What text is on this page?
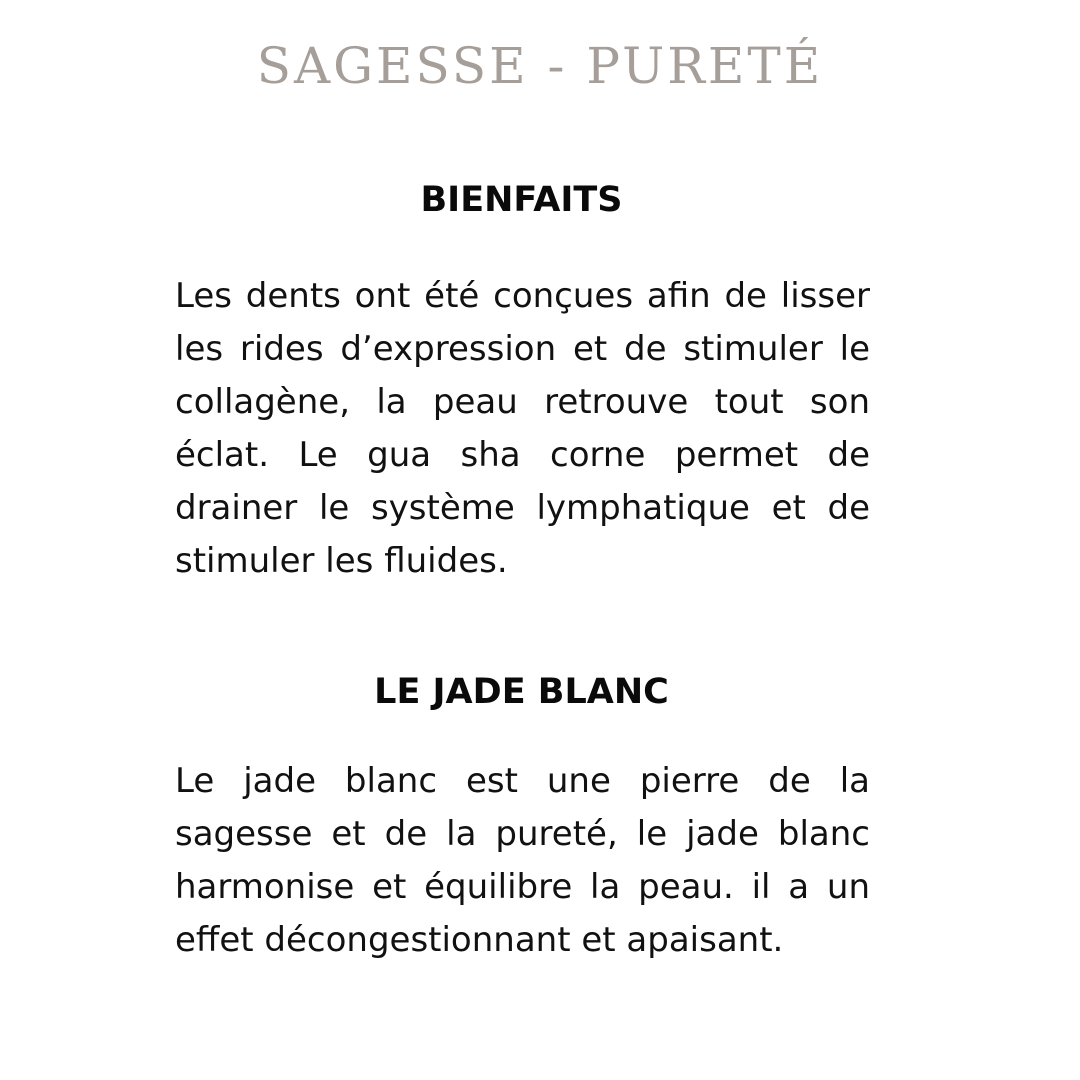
SAGESSE - PURETÉ
BIENFAITS

Les dents ont été conçues afin de lisser les rides d’expression et de stimuler le collagène, la peau retrouve tout son éclat. Le gua sha corne permet de drainer le système lymphatique et de stimuler les fluides.

LE JADE BLANC

Le jade blanc est une pierre de la sagesse et de la pureté, le jade blanc harmonise et équilibre la peau. il a un effet décongestionnant et apaisant.
